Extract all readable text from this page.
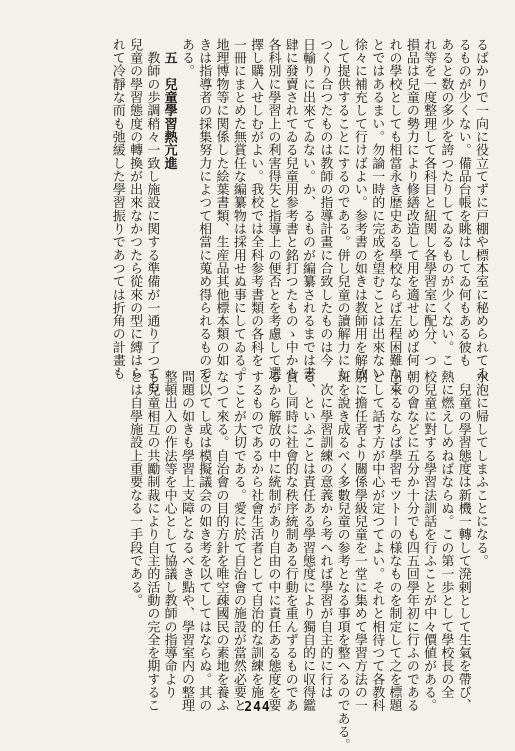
るばかりで一向に役立てずに戸棚や標本室に秘められてゐ
るものが少くない。備品台帳を眺はしてゐ何もある彼も
あると数の多少を誇つたりしてゐるものが少くない。こ
れ等を一度整理して各科目と紐関し各學習室に配分、つ
損品は兒童の勢力により修繕改造して用を適せしめば何
れの學校としても相當永き歴史ある學校ならば左程困難なこ
とではあるまい。勿論一時的に完成を望むことは出來ない
徐々に補充して行けばよい。参考書の如きは教師用を解放
して提供することにするのである。併し兒童の讀解力にし
つくり合つたものは教師の指導計畫に合致したものは今
日輸りに出來てゐない。か、るものが編纂されるまでは書
肆に發賣されてゐる兒童用参考書と銘打つたものゝ中から
各科別に學習上の利害得失と指導上の便否とを考慮して選
擇し購入せしむがよい。我校では全科参考書類の各科を
一冊にまとめた無賞任な編纂物は採用せぬ事にしてゐる。
地理博物等に関係した絵葉書類、生産品其他標本類の如
きは指導者の採集努力によつて相當に蒐め得られるもので
ある。
　五　兒童學習熱亢進
　教師の歩調稍々一致し施設に関する準備が一通り了つても
兒童の學習態度の轉換が出來なかつたら從來の型に縛はら
れて冷靜な而も弛緩した學習振りであつては折角の計畫も
水泡に帰してしまふことになる。
　兒童の學習態度は新機一轉して溌剌として生氣を帶び、
熱に燃えしめねばならぬ。この第一歩として學校長の全
校兒童に對する學習法訓話を行ふことが中々價値がある。
朝の會などに五分か十分でも四五回學年初に行ふのである
出來るならば學習モツトーの様なものを制定して之を標題
として話す方が中心が定つてよい。それと相待つて各教科
別に擔任者より關係學級兒童を一堂に集めて學習方法の一
斑を說き成るべく多數兒童の参考となる事項を整へるのである。
　次に學習訓練の意義から考へれば學習が自主的に行は
る、といふことは責任ある學習態度により獨自的に収得鑑
賞し同時に社會的な秩序統制ある行動を重んずるものであ
るから解放の中に統制があり自由の中に責任ある態度を要
するものであるから社會生活者として自治的な訓練を施
すことが大切である。愛に於て自治會の施設が當然必要と
なつて來る。自治會の目的方針を唯空疎國民の素地を養ふ
を以てし或は模擬議会の如き考を以てしてはならぬ。其の
問題の如きも學習上支障となるべき點や、學習室内の整理
整頓出入の作法等を中心として協議し教師の指導命より
も兒童相互の共勵制裁により自主的活動の完全を期するこ
とは自學施設上重要なる一手段である。
244
